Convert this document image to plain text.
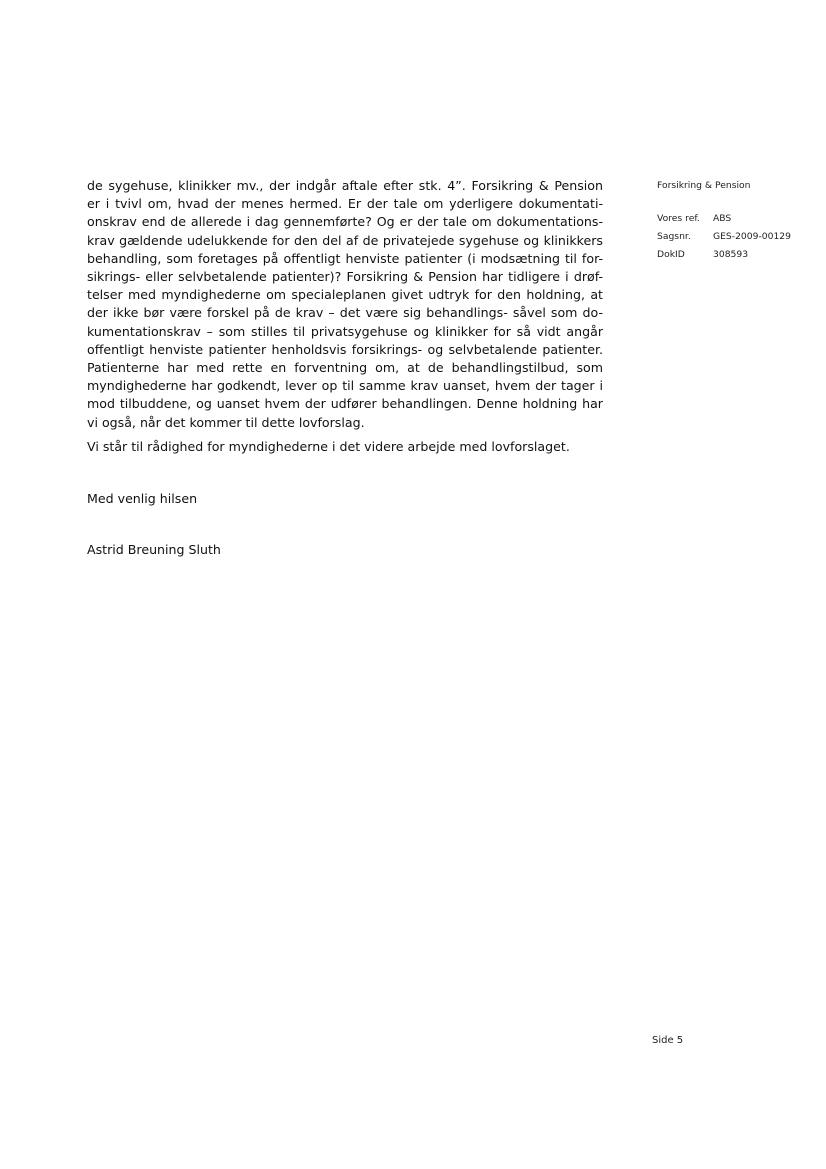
de sygehuse, klinikker mv., der indgår aftale efter stk. 4”. Forsikring & Pension
er i tvivl om, hvad der menes hermed. Er der tale om yderligere dokumentati-
onskrav end de allerede i dag gennemførte? Og er der tale om dokumentations-
krav gældende udelukkende for den del af de privatejede sygehuse og klinikkers
behandling, som foretages på offentligt henviste patienter (i modsætning til for-
sikrings- eller selvbetalende patienter)? Forsikring & Pension har tidligere i drøf-
telser med myndighederne om specialeplanen givet udtryk for den holdning, at
der ikke bør være forskel på de krav – det være sig behandlings- såvel som do-
kumentationskrav – som stilles til privatsygehuse og klinikker for så vidt angår
offentligt henviste patienter henholdsvis forsikrings- og selvbetalende patienter.
Patienterne har med rette en forventning om, at de behandlingstilbud, som
myndighederne har godkendt, lever op til samme krav uanset, hvem der tager i
mod tilbuddene, og uanset hvem der udfører behandlingen. Denne holdning har
vi også, når det kommer til dette lovforslag.

Vi står til rådighed for myndighederne i det videre arbejde med lovforslaget.

Med venlig hilsen

Astrid Breuning Sluth

Forsikring & Pension

Vores ref.	ABS
Sagsnr.	GES-2009-00129
DokID	308593
Side 5
